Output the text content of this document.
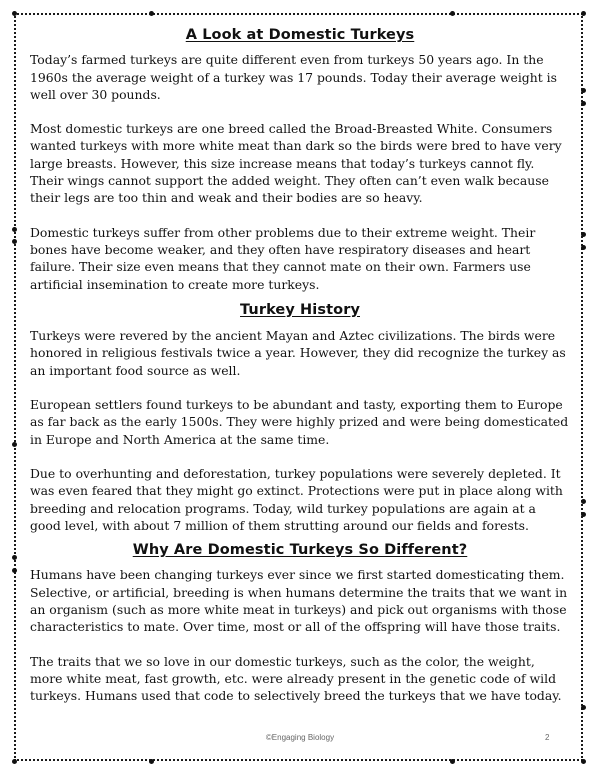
A Look at Domestic Turkeys

Today’s farmed turkeys are quite different even from turkeys 50 years ago. In the 1960s the average weight of a turkey was 17 pounds. Today their average weight is well over 30 pounds.

Most domestic turkeys are one breed called the Broad-Breasted White. Consumers wanted turkeys with more white meat than dark so the birds were bred to have very large breasts. However, this size increase means that today’s turkeys cannot fly. Their wings cannot support the added weight. They often can’t even walk because their legs are too thin and weak and their bodies are so heavy.

Domestic turkeys suffer from other problems due to their extreme weight. Their bones have become weaker, and they often have respiratory diseases and heart failure. Their size even means that they cannot mate on their own. Farmers use artificial insemination to create more turkeys.

Turkey History

Turkeys were revered by the ancient Mayan and Aztec civilizations. The birds were honored in religious festivals twice a year. However, they did recognize the turkey as an important food source as well.

European settlers found turkeys to be abundant and tasty, exporting them to Europe as far back as the early 1500s. They were highly prized and were being domesticated in Europe and North America at the same time.

Due to overhunting and deforestation, turkey populations were severely depleted. It was even feared that they might go extinct. Protections were put in place along with breeding and relocation programs. Today, wild turkey populations are again at a good level, with about 7 million of them strutting around our fields and forests.

Why Are Domestic Turkeys So Different?

Humans have been changing turkeys ever since we first started domesticating them. Selective, or artificial, breeding is when humans determine the traits that we want in an organism (such as more white meat in turkeys) and pick out organisms with those characteristics to mate. Over time, most or all of the offspring will have those traits.

The traits that we so love in our domestic turkeys, such as the color, the weight, more white meat, fast growth, etc. were already present in the genetic code of wild turkeys. Humans used that code to selectively breed the turkeys that we have today.

©Engaging Biology	2
